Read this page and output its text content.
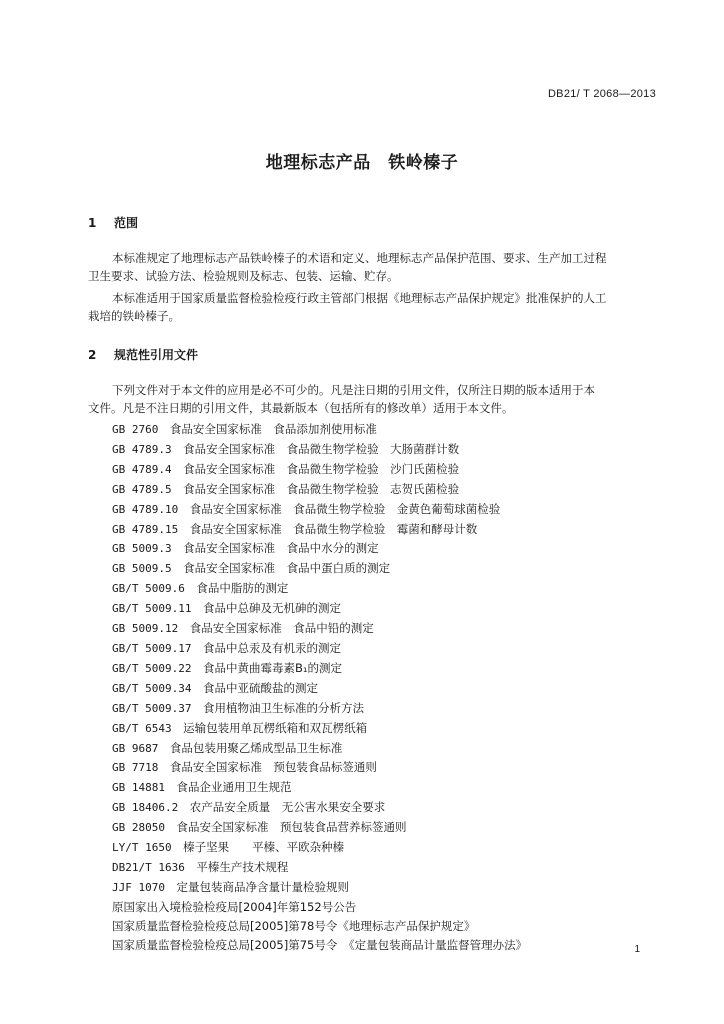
DB21/ T 2068—2013
地理标志产品　铁岭榛子
1 范围
本标准规定了地理标志产品铁岭榛子的术语和定义、地理标志产品保护范围、要求、生产加工过程
卫生要求、试验方法、检验规则及标志、包装、运输、贮存。
本标准适用于国家质量监督检验检疫行政主管部门根据《地理标志产品保护规定》批准保护的人工
栽培的铁岭榛子。
2 规范性引用文件
下列文件对于本文件的应用是必不可少的。凡是注日期的引用文件，仅所注日期的版本适用于本
文件。凡是不注日期的引用文件，其最新版本（包括所有的修改单）适用于本文件。
GB 2760　 食品安全国家标准　食品添加剂使用标准
GB 4789.3　 食品安全国家标准　食品微生物学检验　大肠菌群计数
GB 4789.4　 食品安全国家标准　食品微生物学检验　沙门氏菌检验
GB 4789.5　 食品安全国家标准　食品微生物学检验　志贺氏菌检验
GB 4789.10　 食品安全国家标准　食品微生物学检验　金黄色葡萄球菌检验
GB 4789.15　 食品安全国家标准　食品微生物学检验　霉菌和酵母计数
GB 5009.3　 食品安全国家标准　食品中水分的测定
GB 5009.5　 食品安全国家标准　食品中蛋白质的测定
GB/T 5009.6　 食品中脂肪的测定
GB/T 5009.11　 食品中总砷及无机砷的测定
GB 5009.12　 食品安全国家标准　食品中铅的测定
GB/T 5009.17　 食品中总汞及有机汞的测定
GB/T 5009.22　 食品中黄曲霉毒素B₁的测定
GB/T 5009.34　 食品中亚硫酸盐的测定
GB/T 5009.37　 食用植物油卫生标准的分析方法
GB/T 6543　 运输包装用单瓦楞纸箱和双瓦楞纸箱
GB 9687　 食品包装用聚乙烯成型品卫生标准
GB 7718　 食品安全国家标准　预包装食品标签通则
GB 14881　 食品企业通用卫生规范
GB 18406.2　 农产品安全质量　无公害水果安全要求
GB 28050　 食品安全国家标准　预包装食品营养标签通则
LY/T 1650　 榛子坚果　　平榛、平欧杂种榛
DB21/T 1636　 平榛生产技术规程
JJF 1070　 定量包装商品净含量计量检验规则
原国家出入境检验检疫局[2004]年第152号公告
国家质量监督检验检疫总局[2005]第78号令《地理标志产品保护规定》
国家质量监督检验检疫总局[2005]第75号令　《定量包装商品计量监督管理办法》	1
